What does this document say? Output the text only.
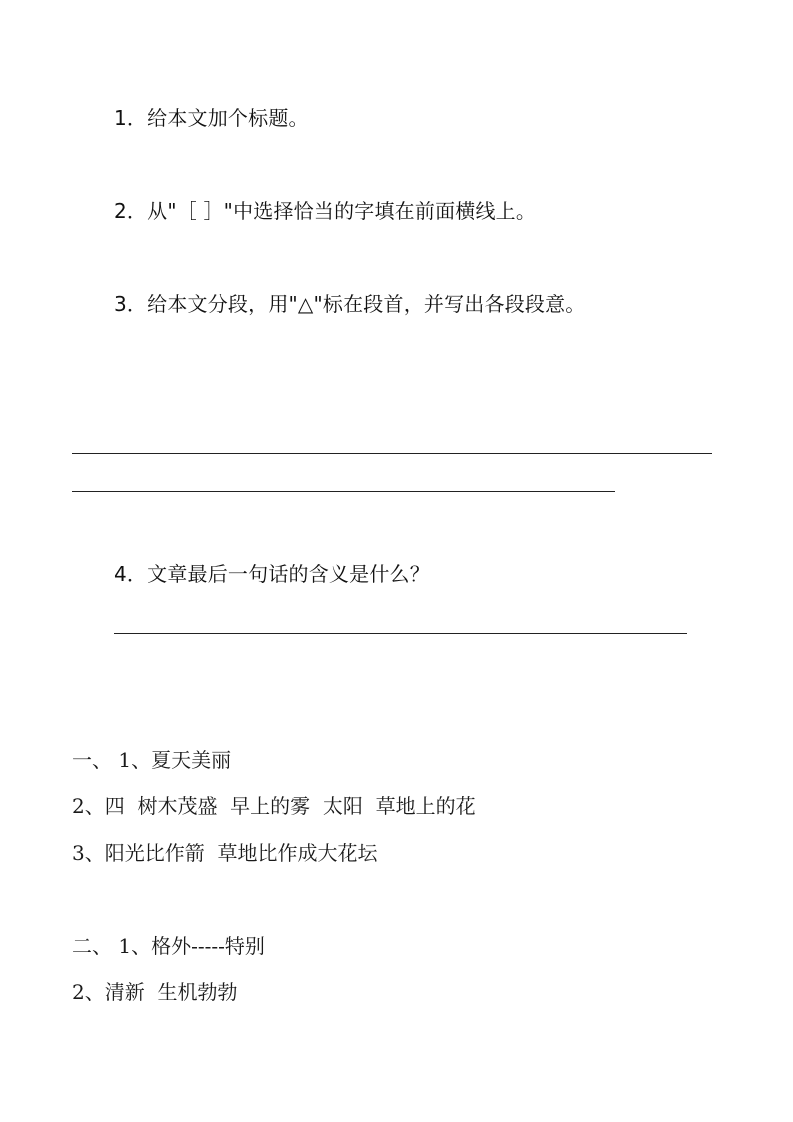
1．给本文加个标题。
2．从"［ ］"中选择恰当的字填在前面横线上。
3．给本文分段，用"△"标在段首，并写出各段段意。
4．文章最后一句话的含义是什么？
一、 1、夏天美丽
2、四  树木茂盛  早上的雾  太阳  草地上的花
3、阳光比作箭  草地比作成大花坛
二、 1、格外-----特别
2、清新  生机勃勃
